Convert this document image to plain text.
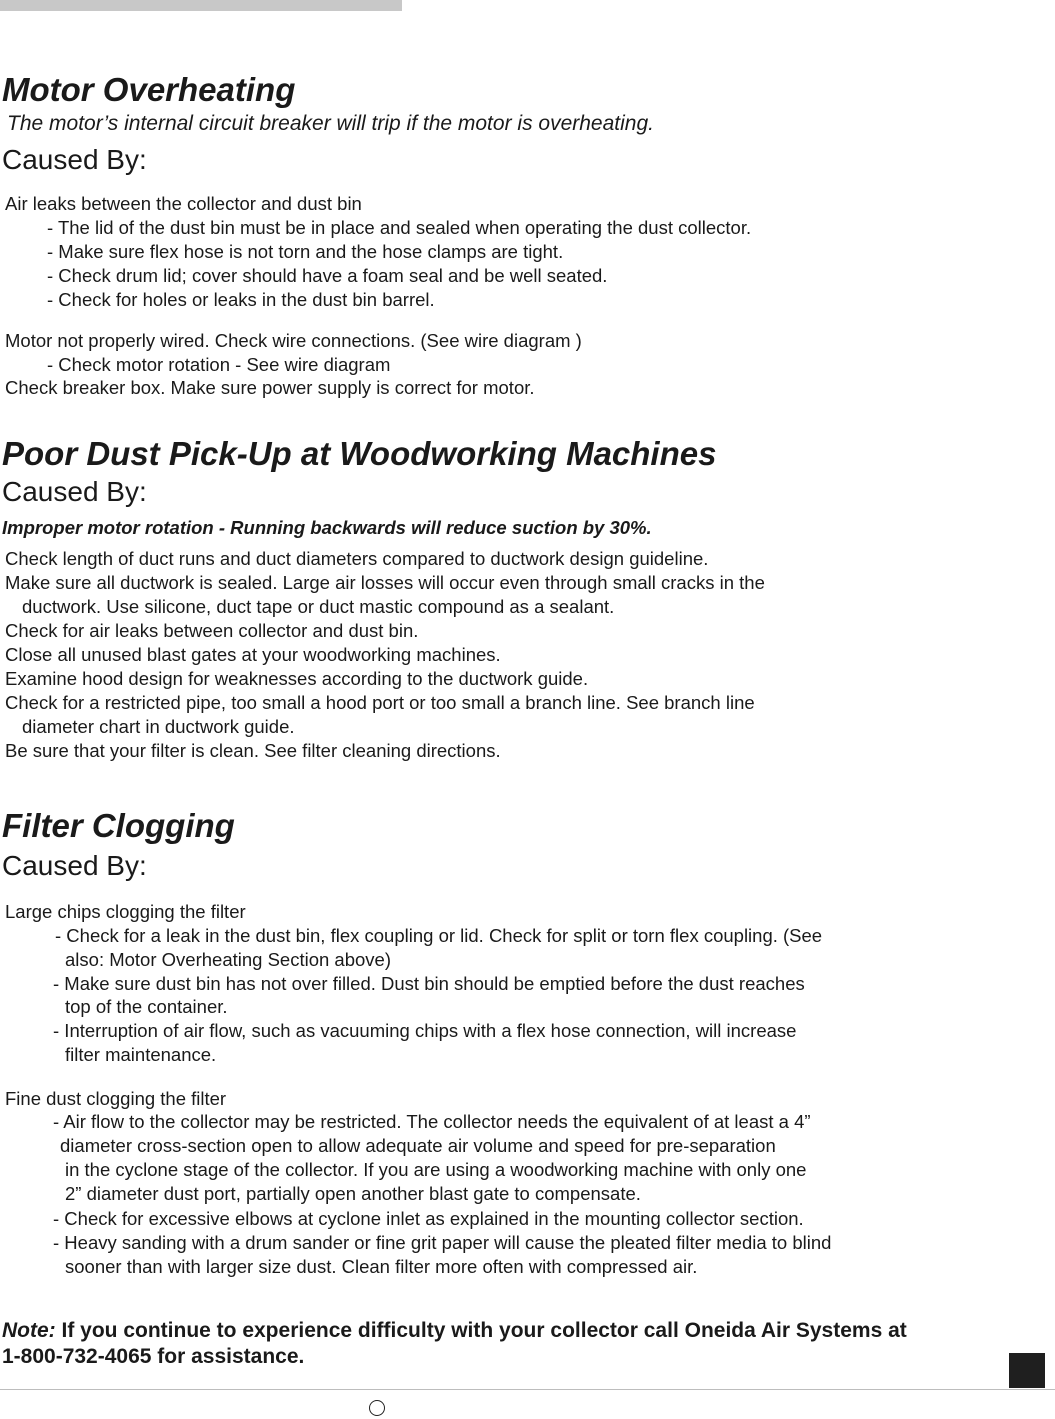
Motor Overheating
The motor’s internal circuit breaker will trip if the motor is overheating.
Caused By:
Air leaks between the collector and dust bin
- The lid of the dust bin must be in place and sealed when operating the dust collector.
- Make sure flex hose is not torn and the hose clamps are tight.
- Check drum lid; cover should have a foam seal and be well seated.
- Check for holes or leaks in the dust bin barrel.
Motor not properly wired. Check wire connections. (See wire diagram )
- Check motor rotation - See wire diagram
Check breaker box. Make sure power supply is correct for motor.
Poor Dust Pick-Up at Woodworking Machines
Caused By:
Improper motor rotation - Running backwards will reduce suction by 30%.
Check length of duct runs and duct diameters compared to ductwork design guideline.
Make sure all ductwork is sealed. Large air losses will occur even through small cracks in the
ductwork. Use silicone, duct tape or duct mastic compound as a sealant.
Check for air leaks between collector and dust bin.
Close all unused blast gates at your woodworking machines.
Examine hood design for weaknesses according to the ductwork guide.
Check for a restricted pipe, too small a hood port or too small a branch line. See branch line
diameter chart in ductwork guide.
Be sure that your filter is clean. See filter cleaning directions.
Filter Clogging
Caused By:
Large chips clogging the filter
- Check for a leak in the dust bin, flex coupling or lid. Check for split or torn flex coupling. (See
also: Motor Overheating Section above)
- Make sure dust bin has not over filled. Dust bin should be emptied before the dust reaches
top of the container.
- Interruption of air flow, such as vacuuming chips with a flex hose connection, will increase
filter maintenance.
Fine dust clogging the filter
- Air flow to the collector may be restricted. The collector needs the equivalent of at least a 4”
diameter cross-section open to allow adequate air volume and speed for pre-separation
in the cyclone stage of the collector. If you are using a woodworking machine with only one
2” diameter dust port, partially open another blast gate to compensate.
- Check for excessive elbows at cyclone inlet as explained in the mounting collector section.
- Heavy sanding with a drum sander or fine grit paper will cause the pleated filter media to blind
sooner than with larger size dust. Clean filter more often with compressed air.
Note: If you continue to experience difficulty with your collector call Oneida Air Systems at
1-800-732-4065 for assistance.
